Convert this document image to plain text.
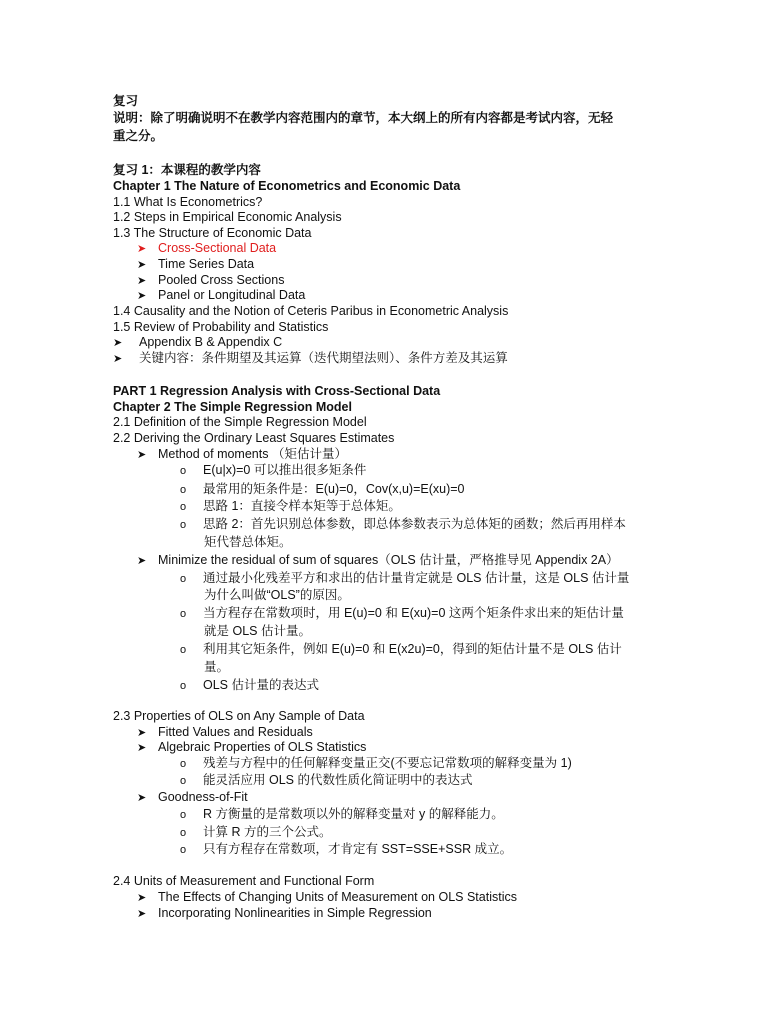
复习
说明：除了明确说明不在教学内容范围内的章节，本大纲上的所有内容都是考试内容，无轻
重之分。
复习 1：本课程的教学内容
Chapter 1 The Nature of Econometrics and Economic Data
1.1 What Is Econometrics?
1.2 Steps in Empirical Economic Analysis
1.3 The Structure of Economic Data
➤ Cross-Sectional Data
➤ Time Series Data
➤ Pooled Cross Sections
➤ Panel or Longitudinal Data
1.4 Causality and the Notion of Ceteris Paribus in Econometric Analysis
1.5 Review of Probability and Statistics
➤ Appendix B & Appendix C
➤ 关键内容：条件期望及其运算（迭代期望法则）、条件方差及其运算
PART 1 Regression Analysis with Cross-Sectional Data
Chapter 2 The Simple Regression Model
2.1 Definition of the Simple Regression Model
2.2 Deriving the Ordinary Least Squares Estimates
➤ Method of moments （矩估计量）
o E(u|x)=0 可以推出很多矩条件
o 最常用的矩条件是：E(u)=0，Cov(x,u)=E(xu)=0
o 思路 1：直接令样本矩等于总体矩。
o 思路 2：首先识别总体参数，即总体参数表示为总体矩的函数；然后再用样本
矩代替总体矩。
➤ Minimize the residual of sum of squares（OLS 估计量，严格推导见 Appendix 2A）
o 通过最小化残差平方和求出的估计量肯定就是 OLS 估计量，这是 OLS 估计量
为什么叫做“OLS”的原因。
o 当方程存在常数项时，用 E(u)=0 和 E(xu)=0 这两个矩条件求出来的矩估计量
就是 OLS 估计量。
o 利用其它矩条件，例如 E(u)=0 和 E(x2u)=0，得到的矩估计量不是 OLS 估计
量。
o OLS 估计量的表达式
2.3 Properties of OLS on Any Sample of Data
➤ Fitted Values and Residuals
➤ Algebraic Properties of OLS Statistics
o 残差与方程中的任何解释变量正交(不要忘记常数项的解释变量为 1)
o 能灵活应用 OLS 的代数性质化简证明中的表达式
➤ Goodness-of-Fit
o R 方衡量的是常数项以外的解释变量对 y 的解释能力。
o 计算 R 方的三个公式。
o 只有方程存在常数项，才肯定有 SST=SSE+SSR 成立。
2.4 Units of Measurement and Functional Form
➤ The Effects of Changing Units of Measurement on OLS Statistics
➤ Incorporating Nonlinearities in Simple Regression
